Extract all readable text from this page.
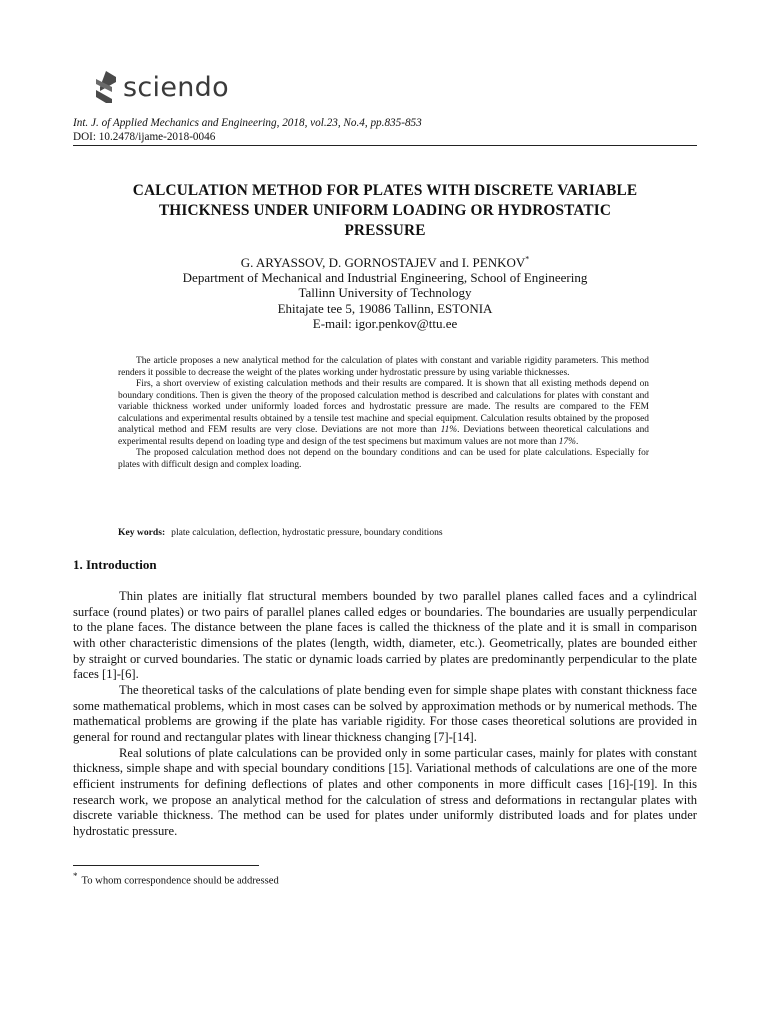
sciendo
Int. J. of Applied Mechanics and Engineering, 2018, vol.23, No.4, pp.835-853
DOI: 10.2478/ijame-2018-0046
CALCULATION METHOD FOR PLATES WITH DISCRETE VARIABLE
THICKNESS UNDER UNIFORM LOADING OR HYDROSTATIC
PRESSURE
G. ARYASSOV, D. GORNOSTAJEV and I. PENKOV*
Department of Mechanical and Industrial Engineering, School of Engineering
Tallinn University of Technology
Ehitajate tee 5, 19086 Tallinn, ESTONIA
E-mail: igor.penkov@ttu.ee

The article proposes a new analytical method for the calculation of plates with constant and variable rigidity parameters. This method renders it possible to decrease the weight of the plates working under hydrostatic pressure by using variable thicknesses.

Firs, a short overview of existing calculation methods and their results are compared. It is shown that all existing methods depend on boundary conditions. Then is given the theory of the proposed calculation method is described and calculations for plates with constant and variable thickness worked under uniformly loaded forces and hydrostatic pressure are made. The results are compared to the FEM calculations and experimental results obtained by a tensile test machine and special equipment. Calculation results obtained by the proposed analytical method and FEM results are very close. Deviations are not more than 11%. Deviations between theoretical calculations and experimental results depend on loading type and design of the test specimens but maximum values are not more than 17%.

The proposed calculation method does not depend on the boundary conditions and can be used for plate calculations. Especially for plates with difficult design and complex loading.

Key words: plate calculation, deflection, hydrostatic pressure, boundary conditions
1. Introduction

Thin plates are initially flat structural members bounded by two parallel planes called faces and a cylindrical surface (round plates) or two pairs of parallel planes called edges or boundaries. The boundaries are usually perpendicular to the plane faces. The distance between the plane faces is called the thickness of the plate and it is small in comparison with other characteristic dimensions of the plates (length, width, diameter, etc.). Geometrically, plates are bounded either by straight or curved boundaries. The static or dynamic loads carried by plates are predominantly perpendicular to the plate faces [1]-[6].

The theoretical tasks of the calculations of plate bending even for simple shape plates with constant thickness face some mathematical problems, which in most cases can be solved by approximation methods or by numerical methods. The mathematical problems are growing if the plate has variable rigidity. For those cases theoretical solutions are provided in general for round and rectangular plates with linear thickness changing [7]-[14].

Real solutions of plate calculations can be provided only in some particular cases, mainly for plates with constant thickness, simple shape and with special boundary conditions [15]. Variational methods of calculations are one of the more efficient instruments for defining deflections of plates and other components in more difficult cases [16]-[19]. In this research work, we propose an analytical method for the calculation of stress and deformations in rectangular plates with discrete variable thickness. The method can be used for plates under uniformly distributed loads and for plates under hydrostatic pressure.

* To whom correspondence should be addressed
